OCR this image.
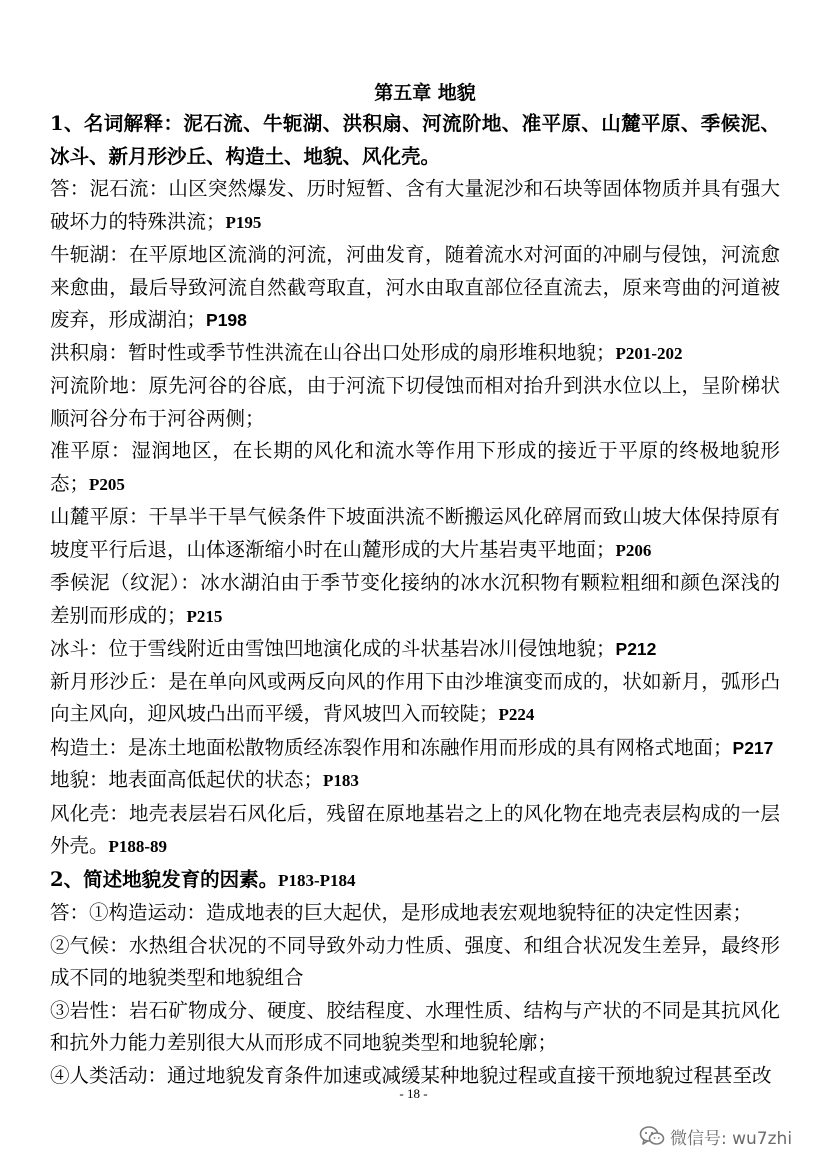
第五章 地貌
1、名词解释：泥石流、牛轭湖、洪积扇、河流阶地、准平原、山麓平原、季候泥、冰斗、新月形沙丘、构造土、地貌、风化壳。
答：泥石流：山区突然爆发、历时短暂、含有大量泥沙和石块等固体物质并具有强大破坏力的特殊洪流；P195
牛轭湖：在平原地区流淌的河流，河曲发育，随着流水对河面的冲刷与侵蚀，河流愈来愈曲，最后导致河流自然截弯取直，河水由取直部位径直流去，原来弯曲的河道被废弃，形成湖泊；P198
洪积扇：暂时性或季节性洪流在山谷出口处形成的扇形堆积地貌；P201-202
河流阶地：原先河谷的谷底，由于河流下切侵蚀而相对抬升到洪水位以上，呈阶梯状顺河谷分布于河谷两侧；
准平原：湿润地区，在长期的风化和流水等作用下形成的接近于平原的终极地貌形态；P205
山麓平原：干旱半干旱气候条件下坡面洪流不断搬运风化碎屑而致山坡大体保持原有坡度平行后退，山体逐渐缩小时在山麓形成的大片基岩夷平地面；P206
季候泥（纹泥）：冰水湖泊由于季节变化接纳的冰水沉积物有颗粒粗细和颜色深浅的差别而形成的；P215
冰斗：位于雪线附近由雪蚀凹地演化成的斗状基岩冰川侵蚀地貌；P212
新月形沙丘：是在单向风或两反向风的作用下由沙堆演变而成的，状如新月，弧形凸向主风向，迎风坡凸出而平缓，背风坡凹入而较陡；P224
构造土：是冻土地面松散物质经冻裂作用和冻融作用而形成的具有网格式地面；P217
地貌：地表面高低起伏的状态；P183
风化壳：地壳表层岩石风化后，残留在原地基岩之上的风化物在地壳表层构成的一层外壳。P188-89
2、简述地貌发育的因素。P183-P184
答：①构造运动：造成地表的巨大起伏，是形成地表宏观地貌特征的决定性因素；
②气候：水热组合状况的不同导致外动力性质、强度、和组合状况发生差异，最终形成不同的地貌类型和地貌组合
③岩性：岩石矿物成分、硬度、胶结程度、水理性质、结构与产状的不同是其抗风化和抗外力能力差别很大从而形成不同地貌类型和地貌轮廓；
④人类活动：通过地貌发育条件加速或减缓某种地貌过程或直接干预地貌过程甚至改
- 18 -
微信号: wu7zhi
